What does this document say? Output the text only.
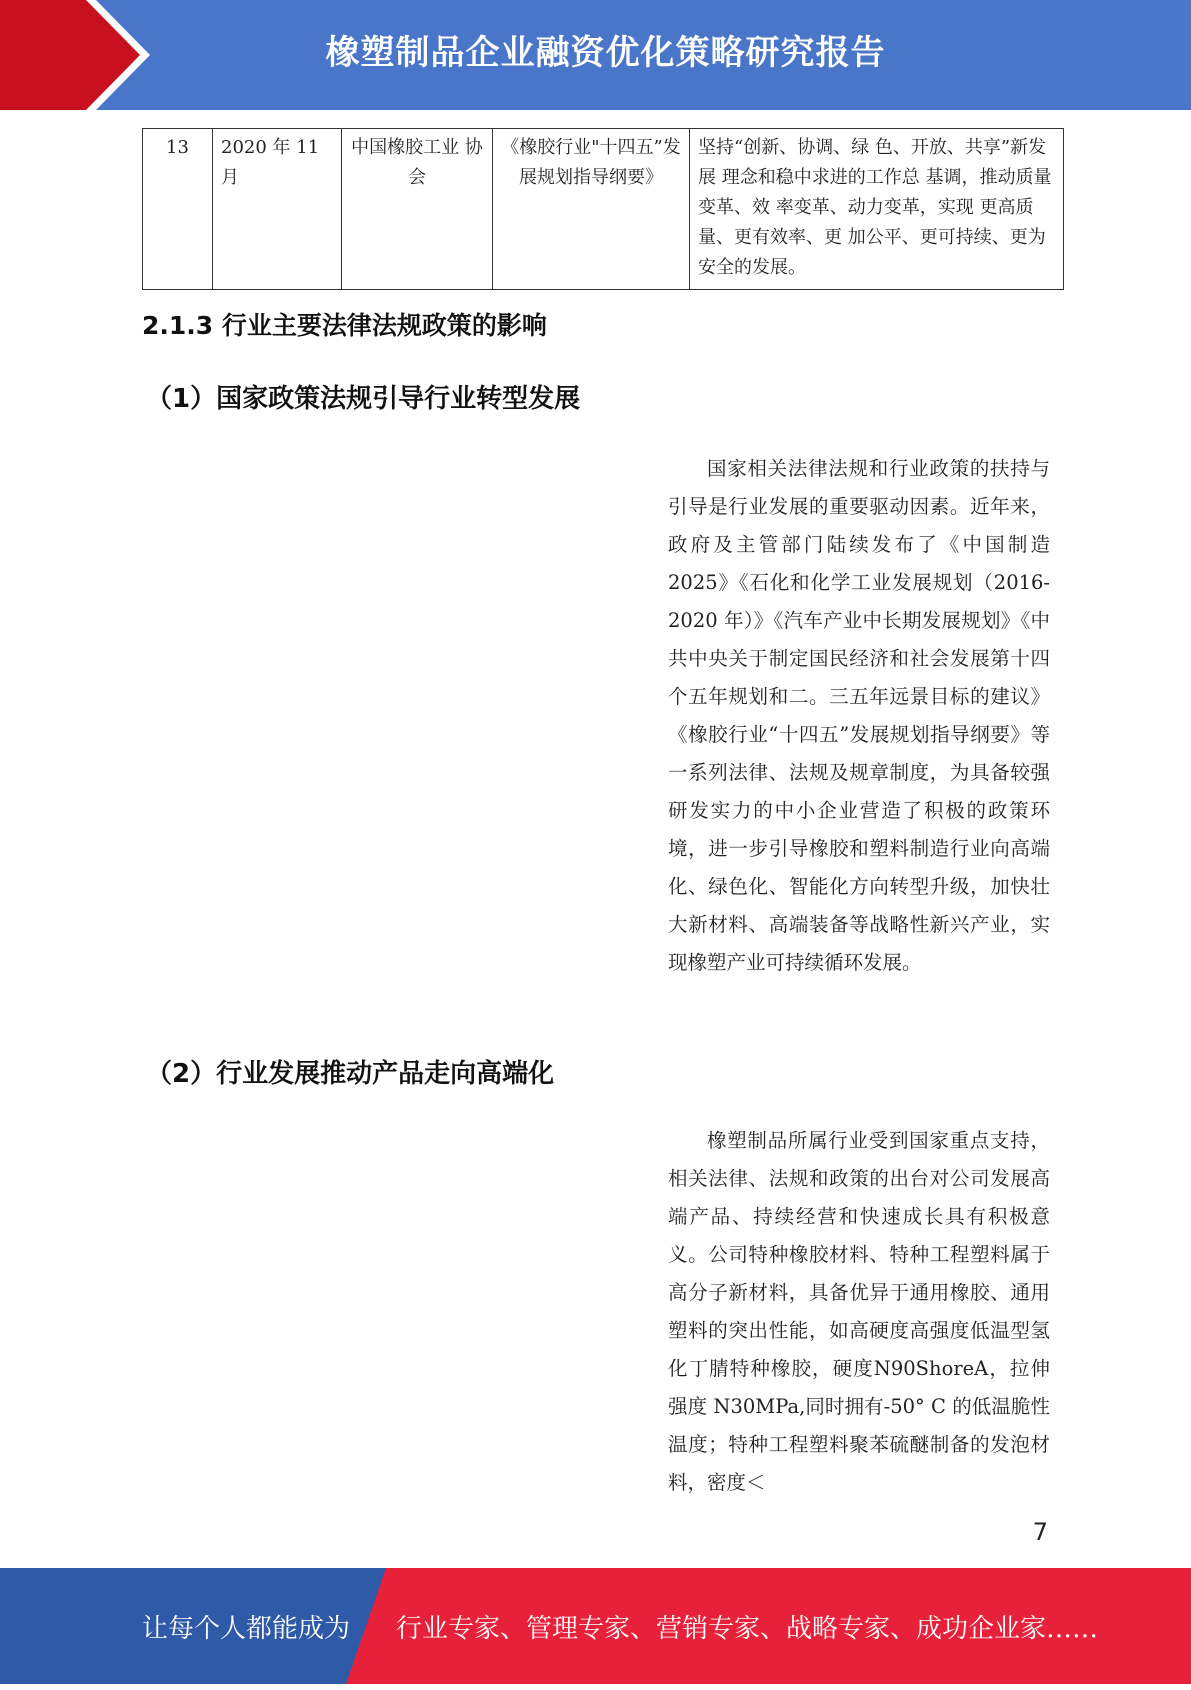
橡塑制品企业融资优化策略研究报告
13	2020 年 11 月	中国橡胶工业 协 会	《橡胶行业"十四五”发 展规划指导纲要》	坚持“创新、协调、绿 色、开放、共享”新发展 理念和稳中求进的工作总 基调，推动质量变革、效 率变革、动力变革，实现 更高质量、更有效率、更 加公平、更可持续、更为 安全的发展。
2.1.3 行业主要法律法规政策的影响
（1）国家政策法规引导行业转型发展

国家相关法律法规和行业政策的扶持与引导是行业发展的重要驱动因素。近年来，政府及主管部门陆续发布了《中国制造 2025》《石化和化学工业发展规划（2016-2020 年）》《汽车产业中长期发展规划》《中共中央关于制定国民经济和社会发展第十四个五年规划和二。三五年远景目标的建议》《橡胶行业“十四五”发展规划指导纲要》等一系列法律、法规及规章制度，为具备较强研发实力的中小企业营造了积极的政策环境，进一步引导橡胶和塑料制造行业向高端化、绿色化、智能化方向转型升级，加快壮大新材料、高端装备等战略性新兴产业，实现橡塑产业可持续循环发展。

（2）行业发展推动产品走向高端化

橡塑制品所属行业受到国家重点支持，相关法律、法规和政策的出台对公司发展高端产品、持续经营和快速成长具有积极意义。公司特种橡胶材料、特种工程塑料属于高分子新材料，具备优异于通用橡胶、通用塑料的突出性能，如高硬度高强度低温型氢化丁腈特种橡胶，硬度N90ShoreA，拉伸强度 N30MPa,同时拥有-50° C 的低温脆性温度；特种工程塑料聚苯硫醚制备的发泡材料，密度＜

7
让每个人都能成为 行业专家、管理专家、营销专家、战略专家、成功企业家……
